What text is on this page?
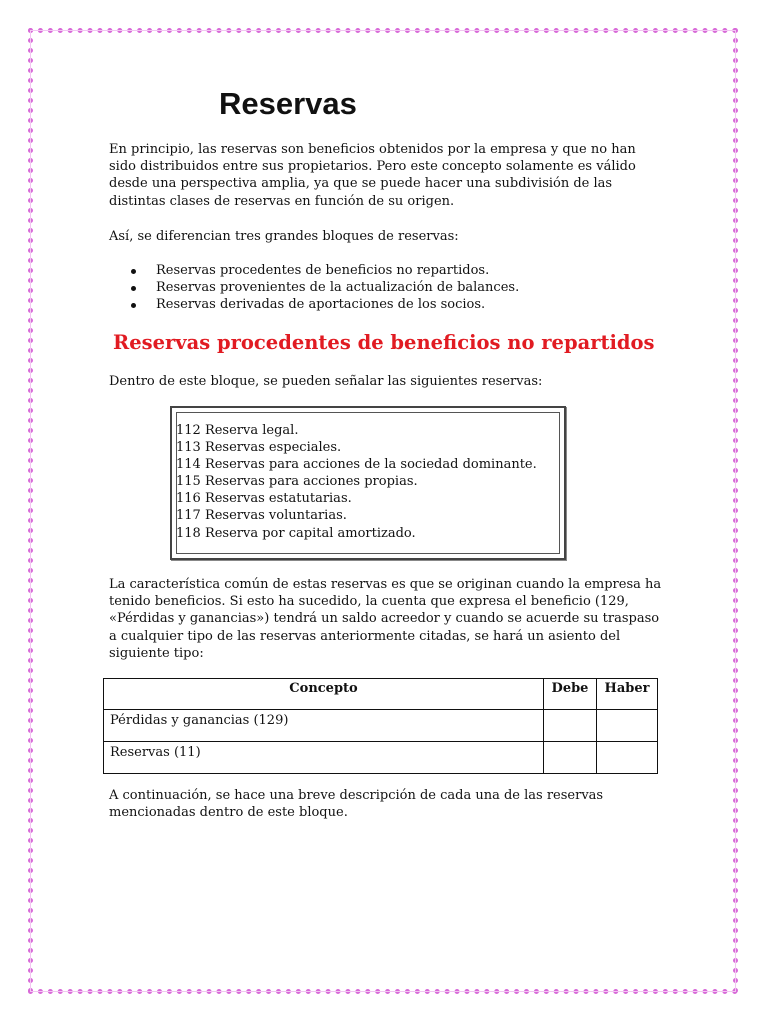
Reservas
En principio, las reservas son beneficios obtenidos por la empresa y que no han
sido distribuidos entre sus propietarios. Pero este concepto solamente es válido
desde una perspectiva amplia, ya que se puede hacer una subdivisión de las
distintas clases de reservas en función de su origen.
Así, se diferencian tres grandes bloques de reservas:
Reservas procedentes de beneficios no repartidos.
Reservas provenientes de la actualización de balances.
Reservas derivadas de aportaciones de los socios.
Reservas procedentes de beneficios no repartidos
Dentro de este bloque, se pueden señalar las siguientes reservas:
112 Reserva legal.
113 Reservas especiales.
114 Reservas para acciones de la sociedad dominante.
115 Reservas para acciones propias.
116 Reservas estatutarias.
117 Reservas voluntarias.
118 Reserva por capital amortizado.
La característica común de estas reservas es que se originan cuando la empresa ha
tenido beneficios. Si esto ha sucedido, la cuenta que expresa el beneficio (129,
«Pérdidas y ganancias») tendrá un saldo acreedor y cuando se acuerde su traspaso
a cualquier tipo de las reservas anteriormente citadas, se hará un asiento del
siguiente tipo:
Concepto	Debe	Haber
Pérdidas y ganancias (129)		
Reservas (11)		
A continuación, se hace una breve descripción de cada una de las reservas
mencionadas dentro de este bloque.
